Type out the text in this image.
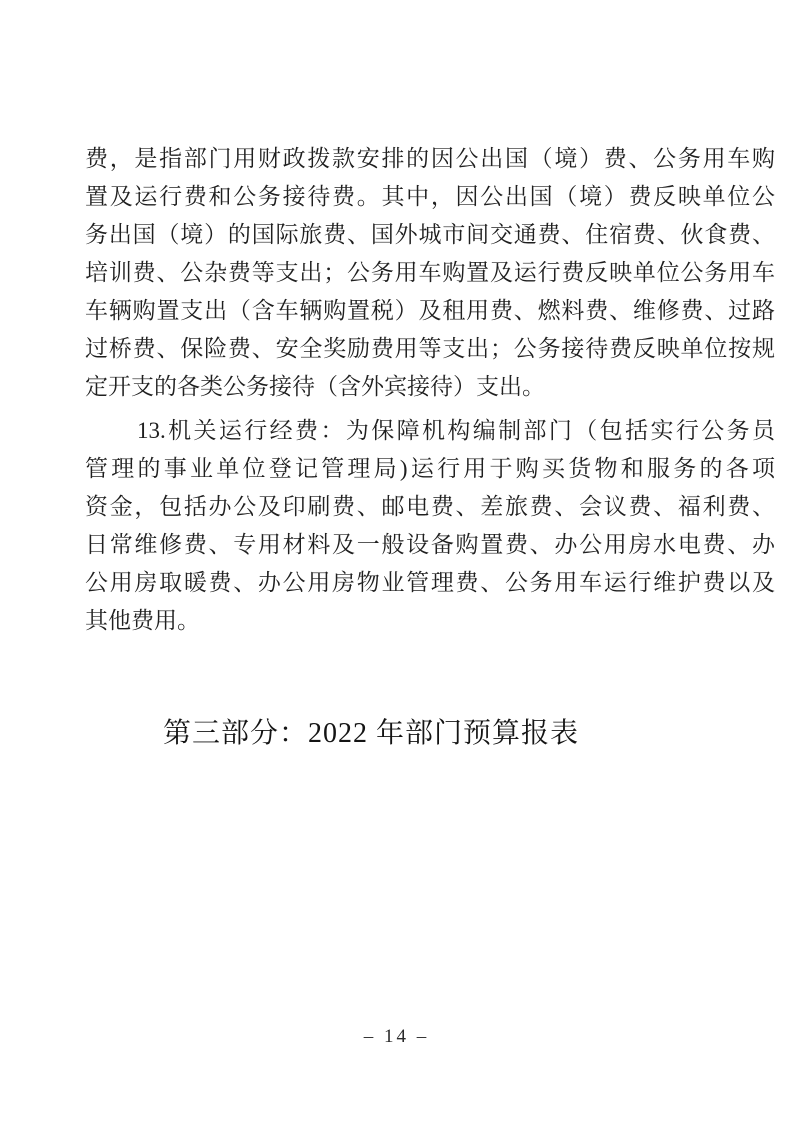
费，是指部门用财政拨款安排的因公出国（境）费、公务用车购
置及运行费和公务接待费。其中，因公出国（境）费反映单位公
务出国（境）的国际旅费、国外城市间交通费、住宿费、伙食费、
培训费、公杂费等支出；公务用车购置及运行费反映单位公务用车
车辆购置支出（含车辆购置税）及租用费、燃料费、维修费、过路
过桥费、保险费、安全奖励费用等支出；公务接待费反映单位按规
定开支的各类公务接待（含外宾接待）支出。
13.机关运行经费：为保障机构编制部门（包括实行公务员
管理的事业单位登记管理局)运行用于购买货物和服务的各项
资金，包括办公及印刷费、邮电费、差旅费、会议费、福利费、
日常维修费、专用材料及一般设备购置费、办公用房水电费、办
公用房取暖费、办公用房物业管理费、公务用车运行维护费以及
其他费用。
第三部分：2022 年部门预算报表
– 14 –
